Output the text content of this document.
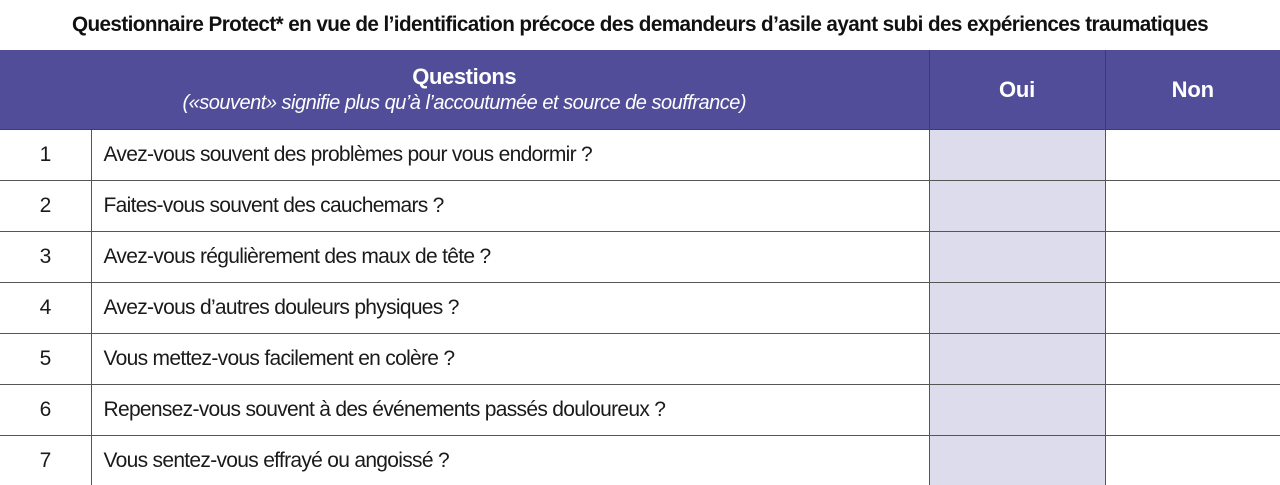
Questionnaire Protect* en vue de l’identification précoce des demandeurs d’asile ayant subi des expériences traumatiques
Questions
(«souvent» signifie plus qu’à l’accoutumée et source de souffrance)		Oui	Non
1	Avez-vous souvent des problèmes pour vous endormir ?		
2	Faites-vous souvent des cauchemars ?		
3	Avez-vous régulièrement des maux de tête ?		
4	Avez-vous d’autres douleurs physiques ?		
5	Vous mettez-vous facilement en colère ?		
6	Repensez-vous souvent à des événements passés douloureux ?		
7	Vous sentez-vous effrayé ou angoissé ?		
